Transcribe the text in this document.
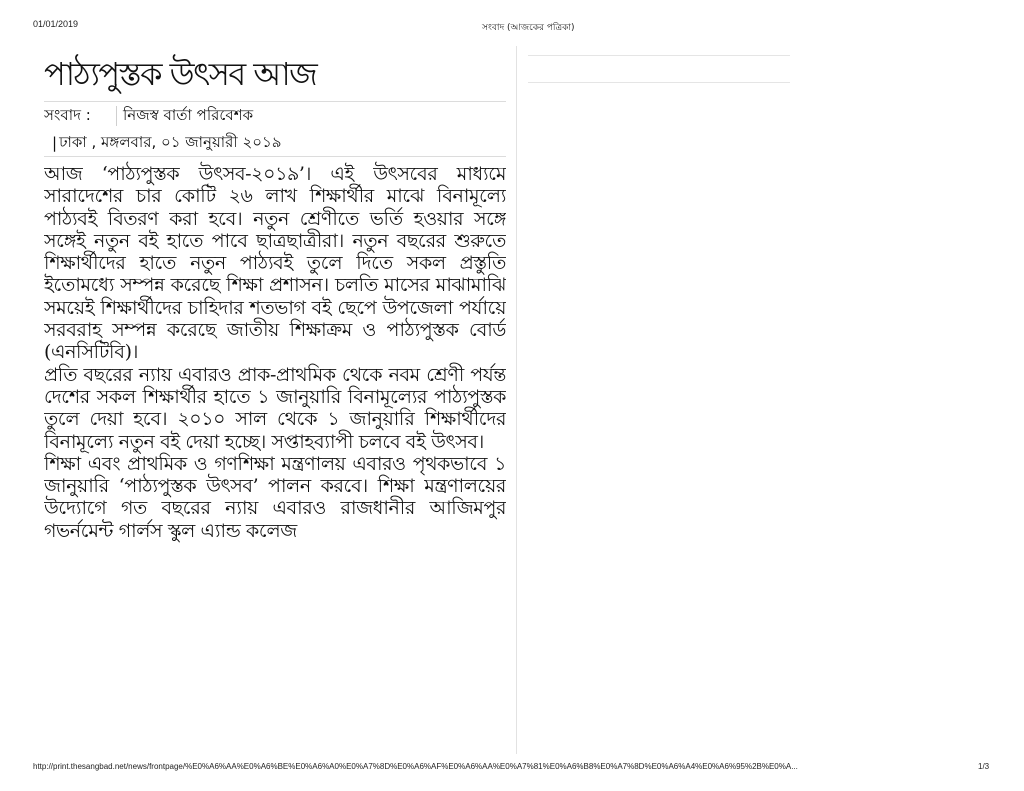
01/01/2019	সংবাদ (আজকের পত্রিকা)
পাঠ্যপুস্তক উৎসব আজ
সংবাদ :	নিজস্ব বার্তা পরিবেশক
| ঢাকা , মঙ্গলবার, ০১ জানুয়ারী ২০১৯

আজ ‘পাঠ্যপুস্তক উৎসব-২০১৯’। এই উৎসবের মাধ্যমে সারাদেশের চার কোটি ২৬ লাখ শিক্ষার্থীর মাঝে বিনামূল্যে পাঠ্যবই বিতরণ করা হবে। নতুন শ্রেণীতে ভর্তি হওয়ার সঙ্গে সঙ্গেই নতুন বই হাতে পাবে ছাত্রছাত্রীরা। নতুন বছরের শুরুতে শিক্ষার্থীদের হাতে নতুন পাঠ্যবই তুলে দিতে সকল প্রস্তুতি ইতোমধ্যে সম্পন্ন করেছে শিক্ষা প্রশাসন। চলতি মাসের মাঝামাঝি সময়েই শিক্ষার্থীদের চাহিদার শতভাগ বই ছেপে উপজেলা পর্যায়ে সরবরাহ সম্পন্ন করেছে জাতীয় শিক্ষাক্রম ও পাঠ্যপুস্তক বোর্ড (এনসিটিবি)।

প্রতি বছরের ন্যায় এবারও প্রাক-প্রাথমিক থেকে নবম শ্রেণী পর্যন্ত দেশের সকল শিক্ষার্থীর হাতে ১ জানুয়ারি বিনামূল্যের পাঠ্যপুস্তক তুলে দেয়া হবে। ২০১০ সাল থেকে ১ জানুয়ারি শিক্ষার্থীদের বিনামূল্যে নতুন বই দেয়া হচ্ছে। সপ্তাহব্যাপী চলবে বই উৎসব।

শিক্ষা এবং প্রাথমিক ও গণশিক্ষা মন্ত্রণালয় এবারও পৃথকভাবে ১ জানুয়ারি ‘পাঠ্যপুস্তক উৎসব’ পালন করবে। শিক্ষা মন্ত্রণালয়ের উদ্যোগে গত বছরের ন্যায় এবারও রাজধানীর আজিমপুর গভর্নমেন্ট গার্লস স্কুল এ্যান্ড কলেজ

http://print.thesangbad.net/news/frontpage/%E0%A6%AA%E0%A6%BE%E0%A6%A0%E0%A7%8D%E0%A6%AF%E0%A6%AA%E0%A7%81%E0%A6%B8%E0%A7%8D%E0%A6%A4%E0%A6%95%2B%E0%A...	1/3
